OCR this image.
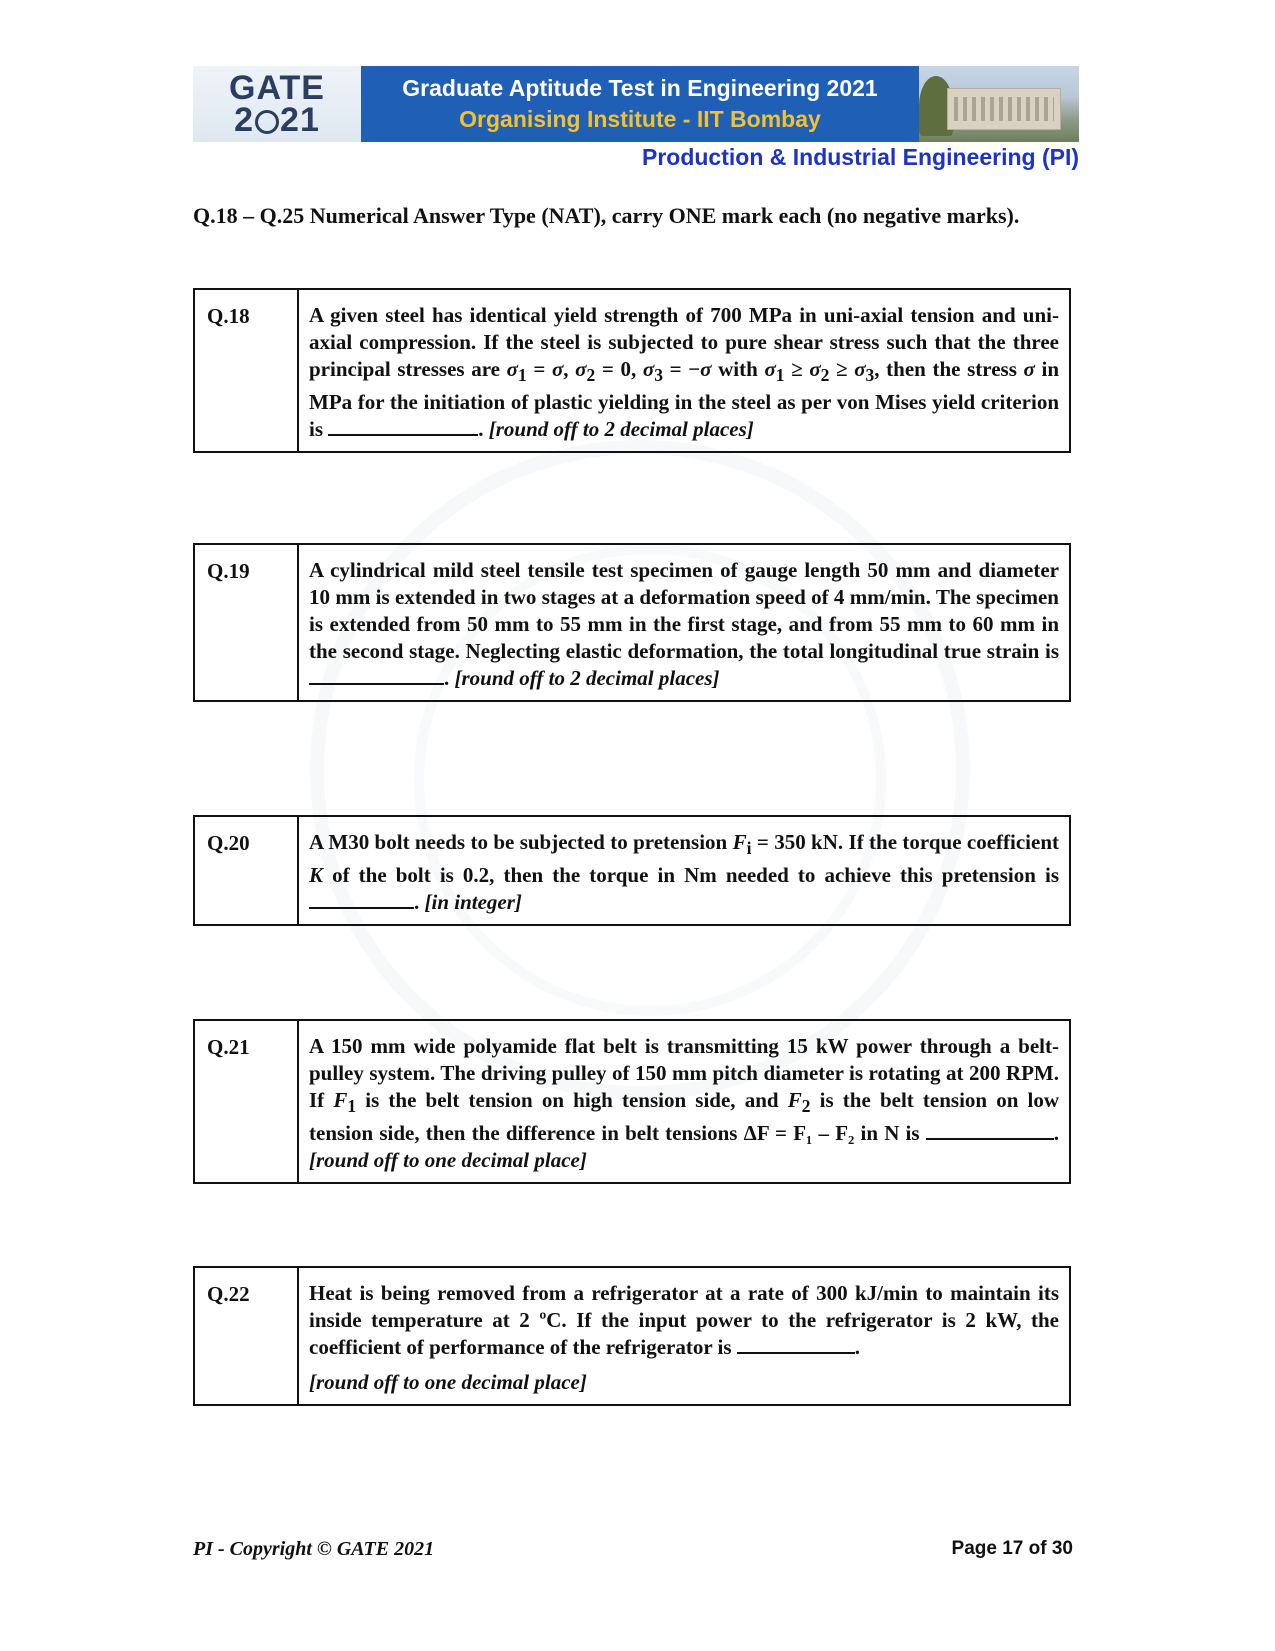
GATE
2 21
Graduate Aptitude Test in Engineering 2021
Organising Institute - IIT Bombay
Production & Industrial Engineering (PI)
Q.18 – Q.25 Numerical Answer Type (NAT), carry ONE mark each (no negative marks).
Q.18	A given steel has identical yield strength of 700 MPa in uni-axial tension and uni-axial compression. If the steel is subjected to pure shear stress such that the three principal stresses are $\sigma_1 = \sigma$, $\sigma_2 = 0$, $\sigma_3 = -\sigma$ with $\sigma_1 \ge \sigma_2 \ge \sigma_3$, then the stress σ in MPa for the initiation of plastic yielding in the steel as per von Mises yield criterion is	. [round off to 2 decimal places]
Q.19	A cylindrical mild steel tensile test specimen of gauge length 50 mm and diameter 10 mm is extended in two stages at a deformation speed of 4 mm/min. The specimen is extended from 50 mm to 55 mm in the first stage, and from 55 mm to 60 mm in the second stage. Neglecting elastic deformation, the total longitudinal true strain is . [round off to 2 decimal places]
Q.20	A M30 bolt needs to be subjected to pretension $F_i = 350$ kN. If the torque coefficient K of the bolt is 0.2, then the torque in Nm needed to achieve this pretension is . [in integer]
Q.21	A 150 mm wide polyamide flat belt is transmitting 15 kW power through a belt-pulley system. The driving pulley of 150 mm pitch diameter is rotating at 200 RPM. If $F_1$ is the belt tension on high tension side, and $F_2$ is the belt tension on low tension side, then the difference in belt tensions ΔF = F₁ – F₂ in N is	. [round off to one decimal place]
Q.22	Heat is being removed from a refrigerator at a rate of 300 kJ/min to maintain its inside temperature at 2 ºC. If the input power to the refrigerator is 2 kW, the coefficient of performance of the refrigerator is	.
[round off to one decimal place]
PI - Copyright © GATE 2021	Page 17 of 30
